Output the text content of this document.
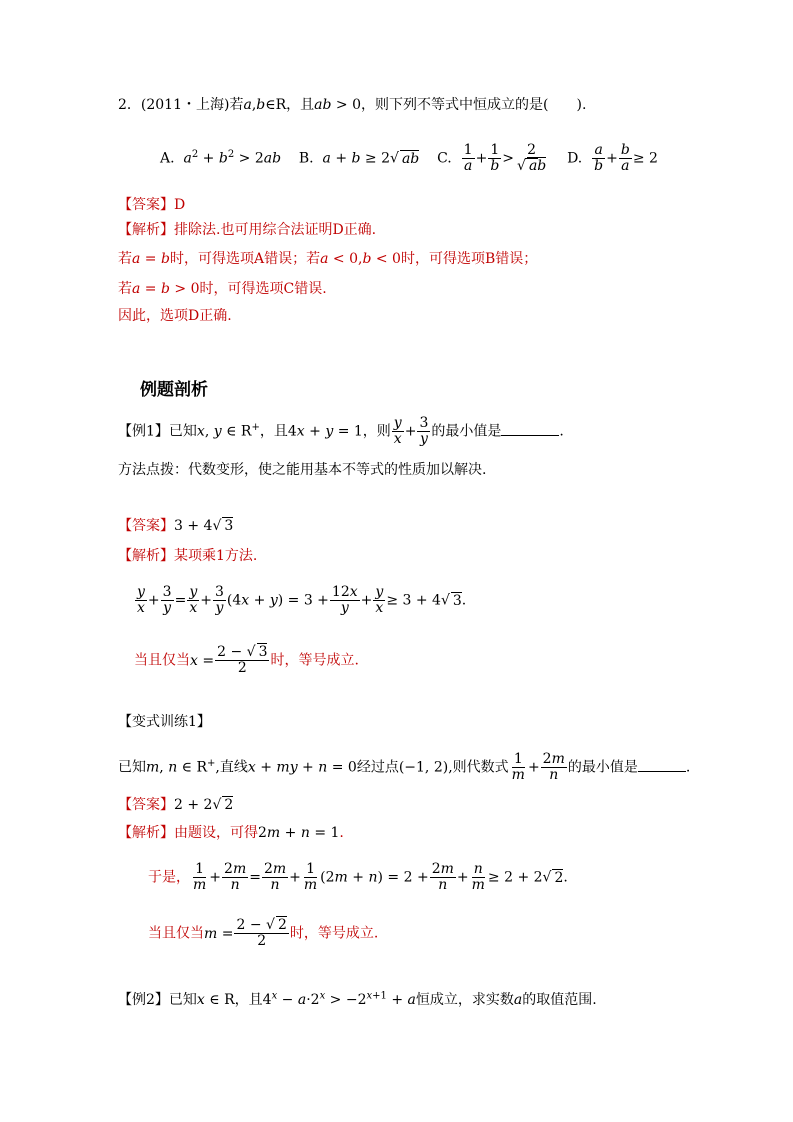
2．(2011・上海)若a,b∈R，且ab > 0，则下列不等式中恒成立的是(　　).
A. $a^2 + b^2 > 2ab$ B. a + b ≥ 2√ ab C. $\frac{1}{a} + \frac{1}{b} > \frac{2}{√ ab} D$. $\frac{a}{b} + \frac{b}{a} \ge 2$
【答案】D
【解析】排除法.也可用综合法证明D正确.
若a = b时，可得选项A错误；若a < 0,b < 0时，可得选项B错误；
若a = b > 0时，可得选项C错误.
因此，选项D正确.
例题剖析
【例1】已知x, y ∈ R+，且4x + y = 1，则 $\frac{y}{x} + \frac{3}{y}$ 的最小值是	.
方法点拨：代数变形，使之能用基本不等式的性质加以解决.
【答案】3 + 4√ 3
【解析】某项乘1方法.
$\frac{y}{x} + \frac{3}{y} = \frac{y}{x} + \frac{3}{y} (4x + y) = 3 + \frac{12x}{y} + \frac{y}{x} \ge 3 + 4√$ 3.
当且仅当$x = \frac{2 - √ 3}{2}$ 时，等号成立.
【变式训练1】
已知m, n ∈ R+,直线x + my + n = 0经过点(−1, 2),则代数式 $\frac{1}{m} + \frac{2m}{n}$ 的最小值是	.
【答案】2 + 2√ 2
【解析】由题设，可得2m + n = 1.
于是， $\frac{1}{m} + \frac{2m}{n} = \frac{2m}{n} + \frac{1}{m} (2m + n) = 2 + \frac{2m}{n} + \frac{n}{m} \ge 2 + 2√$ 2.
当且仅当$m = \frac{2 - √ 2}{2}$ 时，等号成立.
【例2】已知x ∈ R，且$4^x - a\cdot 2^x > -2^{x+1} + a$恒成立，求实数a的取值范围.
